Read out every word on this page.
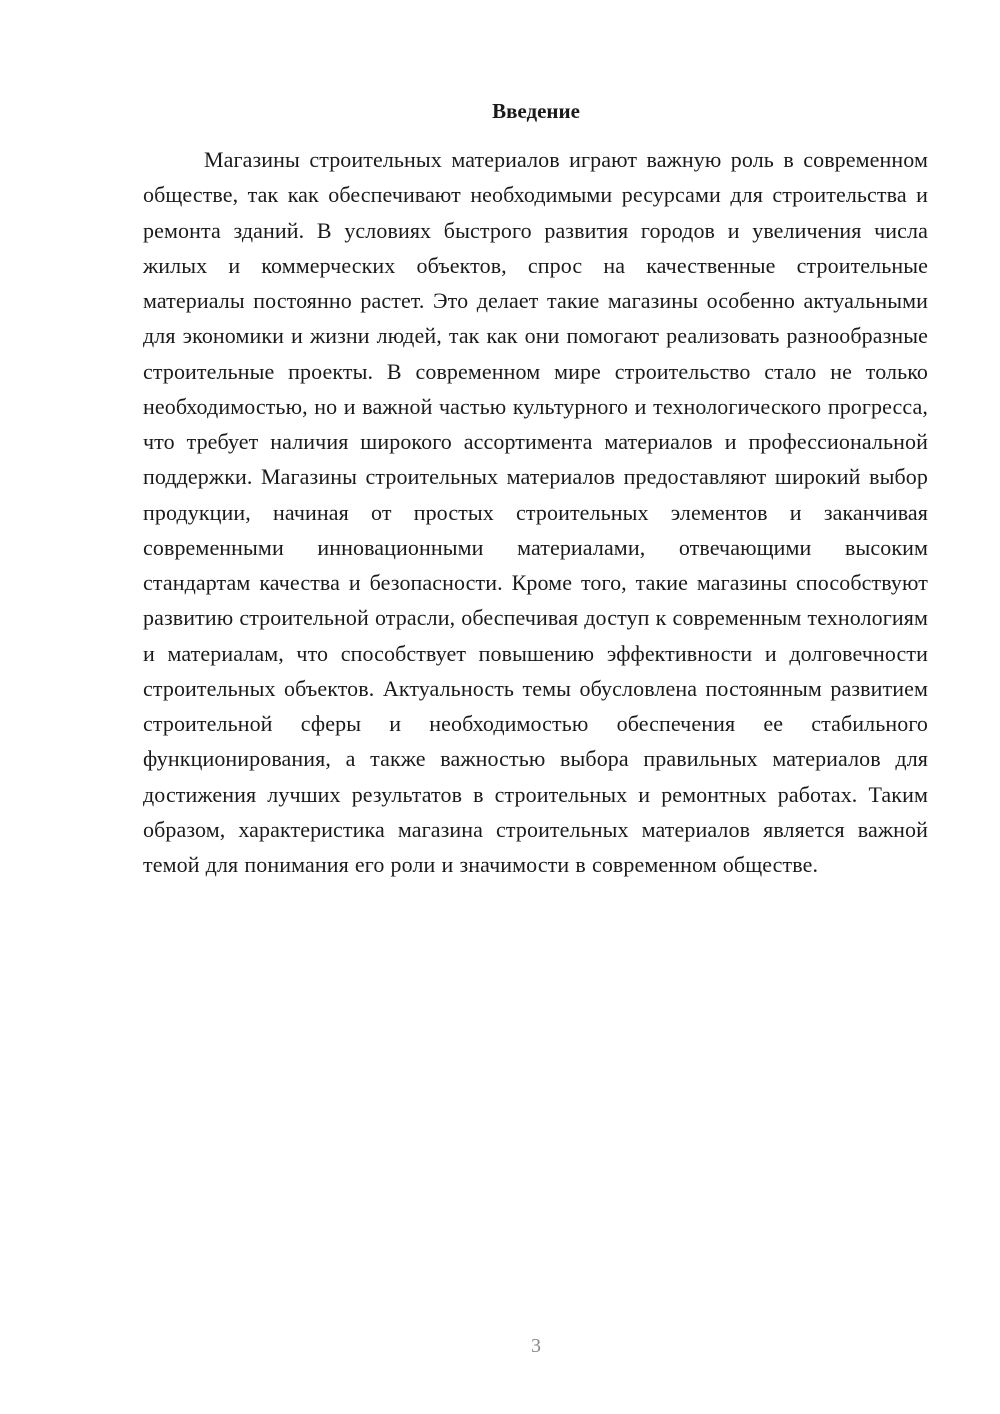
Введение

Магазины строительных материалов играют важную роль в современном обществе, так как обеспечивают необходимыми ресурсами для строительства и ремонта зданий. В условиях быстрого развития городов и увеличения числа жилых и коммерческих объектов, спрос на качественные строительные материалы постоянно растет. Это делает такие магазины особенно актуальными для экономики и жизни людей, так как они помогают реализовать разнообразные строительные проекты. В современном мире строительство стало не только необходимостью, но и важной частью культурного и технологического прогресса, что требует наличия широкого ассортимента материалов и профессиональной поддержки. Магазины строительных материалов предоставляют широкий выбор продукции, начиная от простых строительных элементов и заканчивая современными инновационными материалами, отвечающими высоким стандартам качества и безопасности. Кроме того, такие магазины способствуют развитию строительной отрасли, обеспечивая доступ к современным технологиям и материалам, что способствует повышению эффективности и долговечности строительных объектов. Актуальность темы обусловлена постоянным развитием строительной сферы и необходимостью обеспечения ее стабильного функционирования, а также важностью выбора правильных материалов для достижения лучших результатов в строительных и ремонтных работах. Таким образом, характеристика магазина строительных материалов является важной темой для понимания его роли и значимости в современном обществе.

3
